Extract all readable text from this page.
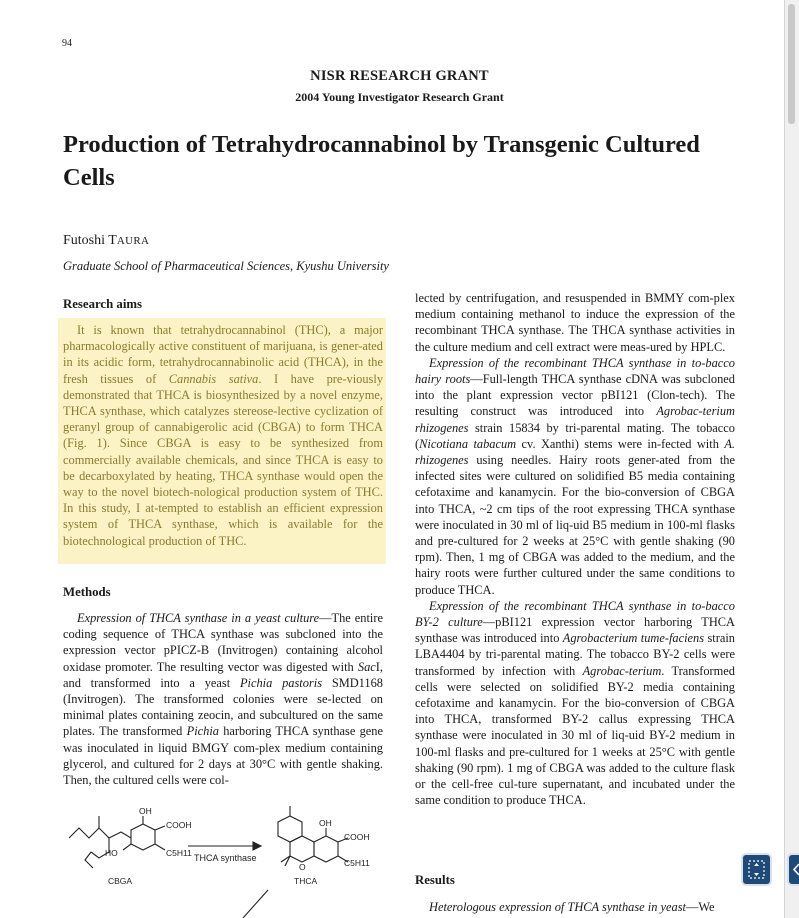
94
NISR RESEARCH GRANT
2004 Young Investigator Research Grant
Production of Tetrahydrocannabinol by Transgenic Cultured Cells
Futoshi TAURA
Graduate School of Pharmaceutical Sciences, Kyushu University
Research aims

It is known that tetrahydrocannabinol (THC), a major pharmacologically active constituent of marijuana, is gener-ated in its acidic form, tetrahydrocannabinolic acid (THCA), in the fresh tissues of Cannabis sativa. I have pre-viously demonstrated that THCA is biosynthesized by a novel enzyme, THCA synthase, which catalyzes stereose-lective cyclization of geranyl group of cannabigerolic acid (CBGA) to form THCA (Fig. 1). Since CBGA is easy to be synthesized from commercially available chemicals, and since THCA is easy to be decarboxylated by heating, THCA synthase would open the way to the novel biotech-nological production system of THC. In this study, I at-tempted to establish an efficient expression system of THCA synthase, which is available for the biotechnological production of THC.

Methods

Expression of THCA synthase in a yeast culture—The entire coding sequence of THCA synthase was subcloned into the expression vector pPICZ-B (Invitrogen) containing alcohol oxidase promoter. The resulting vector was digested with SacI, and transformed into a yeast Pichia pastoris SMD1168 (Invitrogen). The transformed colonies were se-lected on minimal plates containing zeocin, and subcultured on the same plates. The transformed Pichia harboring THCA synthase gene was inoculated in liquid BMGY com-plex medium containing glycerol, and cultured for 2 days at 30°C with gentle shaking. Then, the cultured cells were col-

lected by centrifugation, and resuspended in BMMY com-plex medium containing methanol to induce the expression of the recombinant THCA synthase. The THCA synthase activities in the culture medium and cell extract were meas-ured by HPLC.

Expression of the recombinant THCA synthase in to-bacco hairy roots—Full-length THCA synthase cDNA was subcloned into the plant expression vector pBI121 (Clon-tech). The resulting construct was introduced into Agrobac-terium rhizogenes strain 15834 by tri-parental mating. The tobacco (Nicotiana tabacum cv. Xanthi) stems were in-fected with A. rhizogenes using needles. Hairy roots gener-ated from the infected sites were cultured on solidified B5 media containing cefotaxime and kanamycin. For the bio-conversion of CBGA into THCA, ~2 cm tips of the root expressing THCA synthase were inoculated in 30 ml of liq-uid B5 medium in 100-ml flasks and pre-cultured for 2 weeks at 25°C with gentle shaking (90 rpm). Then, 1 mg of CBGA was added to the medium, and the hairy roots were further cultured under the same conditions to produce THCA.

Expression of the recombinant THCA synthase in to-bacco BY-2 culture—pBI121 expression vector harboring THCA synthase was introduced into Agrobacterium tume-faciens strain LBA4404 by tri-parental mating. The tobacco BY-2 cells were transformed by infection with Agrobac-terium. Transformed cells were selected on solidified BY-2 media containing cefotaxime and kanamycin. For the bio-conversion of CBGA into THCA, transformed BY-2 callus expressing THCA synthase were inoculated in 30 ml of liq-uid BY-2 medium in 100-ml flasks and pre-cultured for 1 weeks at 25°C with gentle shaking (90 rpm). 1 mg of CBGA was added to the culture flask or the cell-free cul-ture supernatant, and incubated under the same condition to produce THCA.

Results

Heterologous expression of THCA synthase in yeast—We

OH
COOH
HO	C5H11
OH
COOH
O	C5H11
THCA synthase
CBGA	THCA
